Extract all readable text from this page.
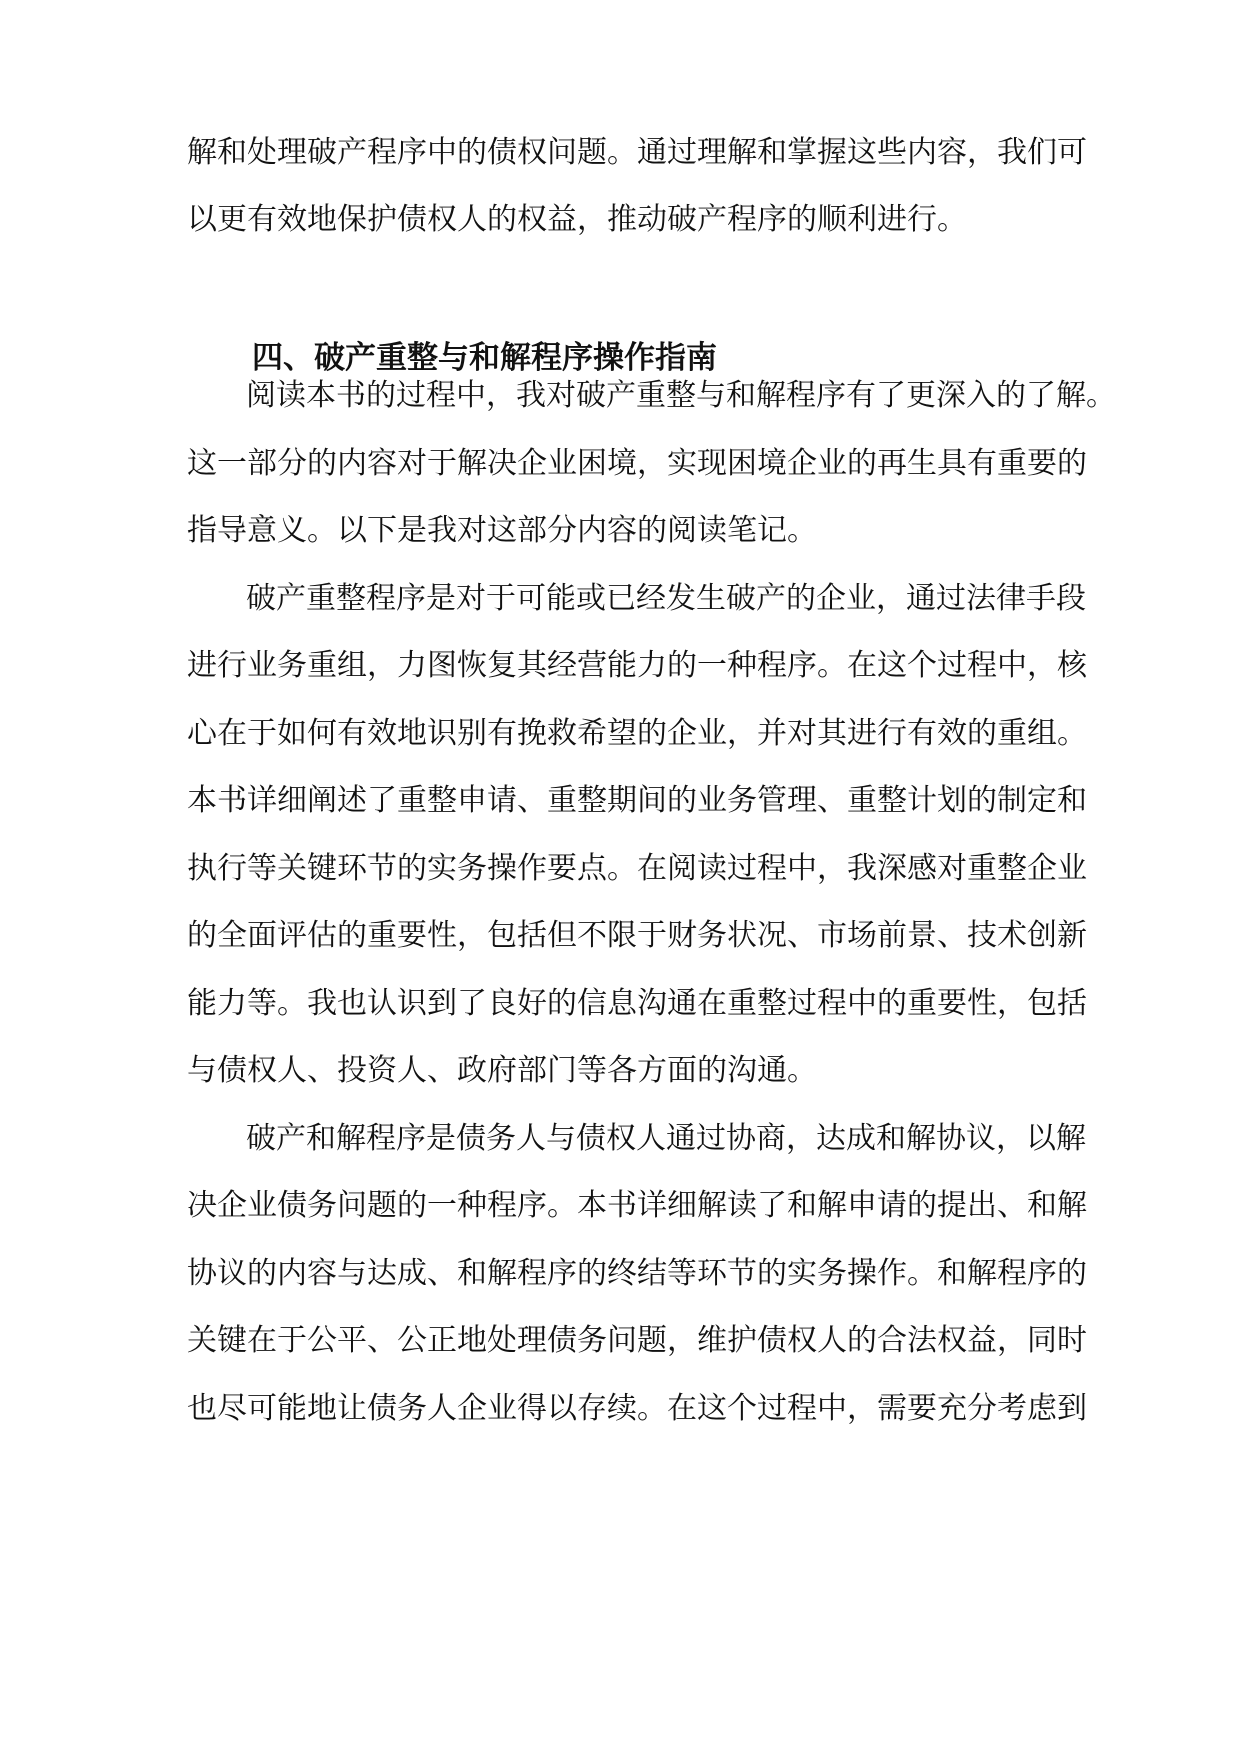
解和处理破产程序中的债权问题。通过理解和掌握这些内容，我们可
以更有效地保护债权人的权益，推动破产程序的顺利进行。
四、破产重整与和解程序操作指南
阅读本书的过程中，我对破产重整与和解程序有了更深入的了解。
这一部分的内容对于解决企业困境，实现困境企业的再生具有重要的
指导意义。以下是我对这部分内容的阅读笔记。
破产重整程序是对于可能或已经发生破产的企业，通过法律手段
进行业务重组，力图恢复其经营能力的一种程序。在这个过程中，核
心在于如何有效地识别有挽救希望的企业，并对其进行有效的重组。
本书详细阐述了重整申请、重整期间的业务管理、重整计划的制定和
执行等关键环节的实务操作要点。在阅读过程中，我深感对重整企业
的全面评估的重要性，包括但不限于财务状况、市场前景、技术创新
能力等。我也认识到了良好的信息沟通在重整过程中的重要性，包括
与债权人、投资人、政府部门等各方面的沟通。
破产和解程序是债务人与债权人通过协商，达成和解协议，以解
决企业债务问题的一种程序。本书详细解读了和解申请的提出、和解
协议的内容与达成、和解程序的终结等环节的实务操作。和解程序的
关键在于公平、公正地处理债务问题，维护债权人的合法权益，同时
也尽可能地让债务人企业得以存续。在这个过程中，需要充分考虑到
